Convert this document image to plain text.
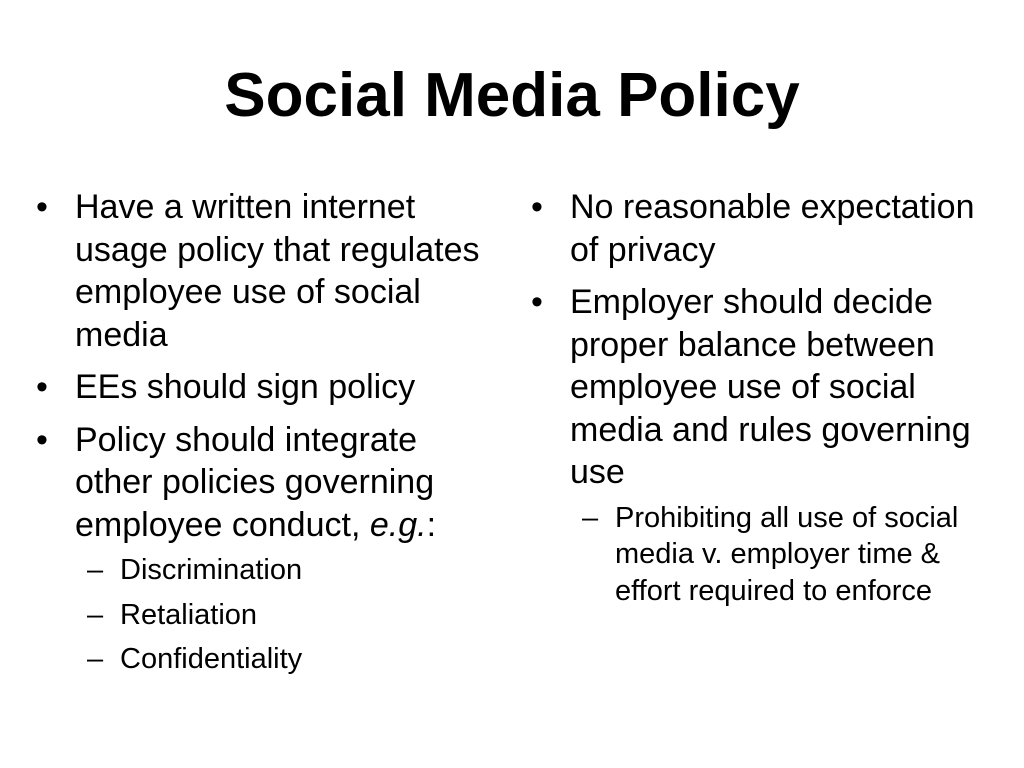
Social Media Policy
• Have a written internet usage policy that regulates employee use of social media
• EEs should sign policy
• Policy should integrate other policies governing employee conduct, e.g.:
– Discrimination
– Retaliation
– Confidentiality
• No reasonable expectation of privacy
• Employer should decide proper balance between employee use of social media and rules governing use
– Prohibiting all use of social media v. employer time & effort required to enforce
